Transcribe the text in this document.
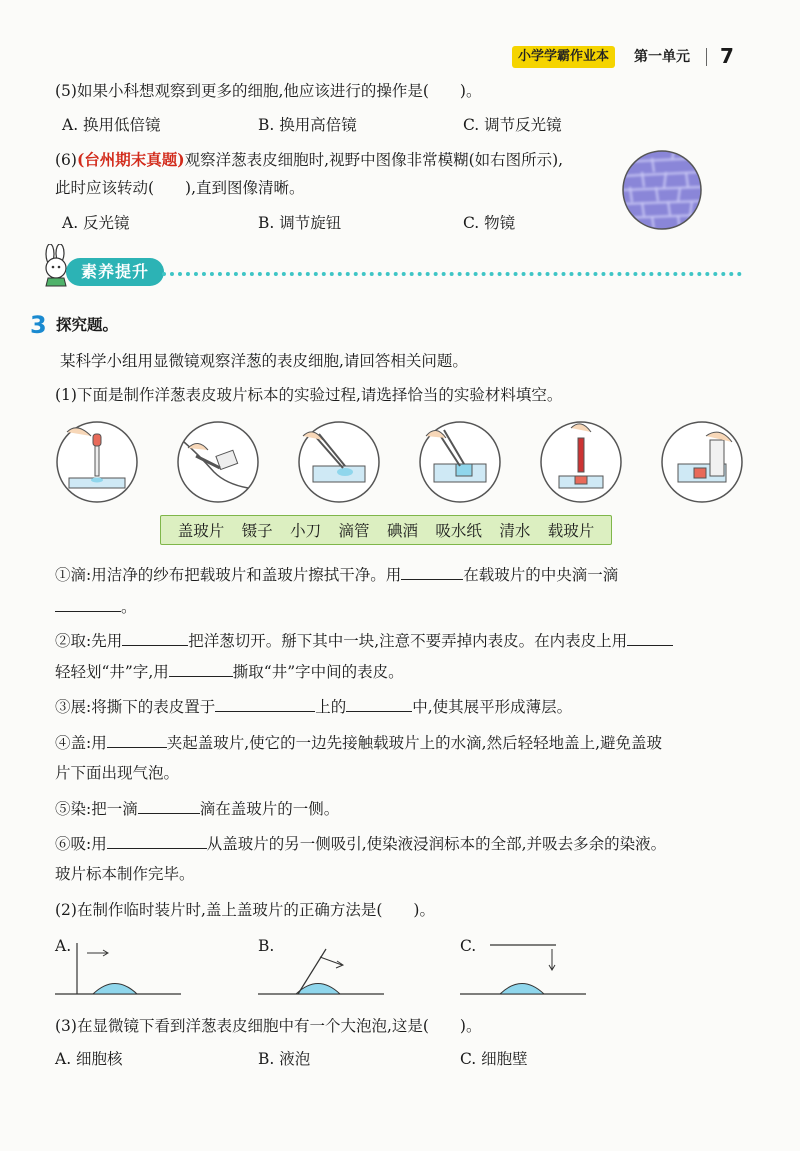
小学学霸作业本	第一单元 7
(5)如果小科想观察到更多的细胞,他应该进行的操作是(　　)。
A. 换用低倍镜	B. 换用高倍镜	C. 调节反光镜
(6)(台州期末真题)观察洋葱表皮细胞时,视野中图像非常模糊(如右图所示),
此时应该转动(　　),直到图像清晰。
A. 反光镜	B. 调节旋钮	C. 物镜
素养提升
3 探究题。
某科学小组用显微镜观察洋葱的表皮细胞,请回答相关问题。
(1)下面是制作洋葱表皮玻片标本的实验过程,请选择恰当的实验材料填空。
盖玻片 镊子 小刀 滴管 碘酒 吸水纸 清水 载玻片
①滴:用洁净的纱布把载玻片和盖玻片擦拭干净。用	在载玻片的中央滴一滴
。
②取:先用	把洋葱切开。掰下其中一块,注意不要弄掉内表皮。在内表皮上用
轻轻划“井”字,用	撕取“井”字中间的表皮。
③展:将撕下的表皮置于	上的	中,使其展平形成薄层。
④盖:用	夹起盖玻片,使它的一边先接触载玻片上的水滴,然后轻轻地盖上,避免盖玻
片下面出现气泡。
⑤染:把一滴	滴在盖玻片的一侧。
⑥吸:用	从盖玻片的另一侧吸引,使染液浸润标本的全部,并吸去多余的染液。
玻片标本制作完毕。
(2)在制作临时装片时,盖上盖玻片的正确方法是(　　)。
A.	B.	C.
(3)在显微镜下看到洋葱表皮细胞中有一个大泡泡,这是(　　)。
A. 细胞核	B. 液泡	C. 细胞壁
